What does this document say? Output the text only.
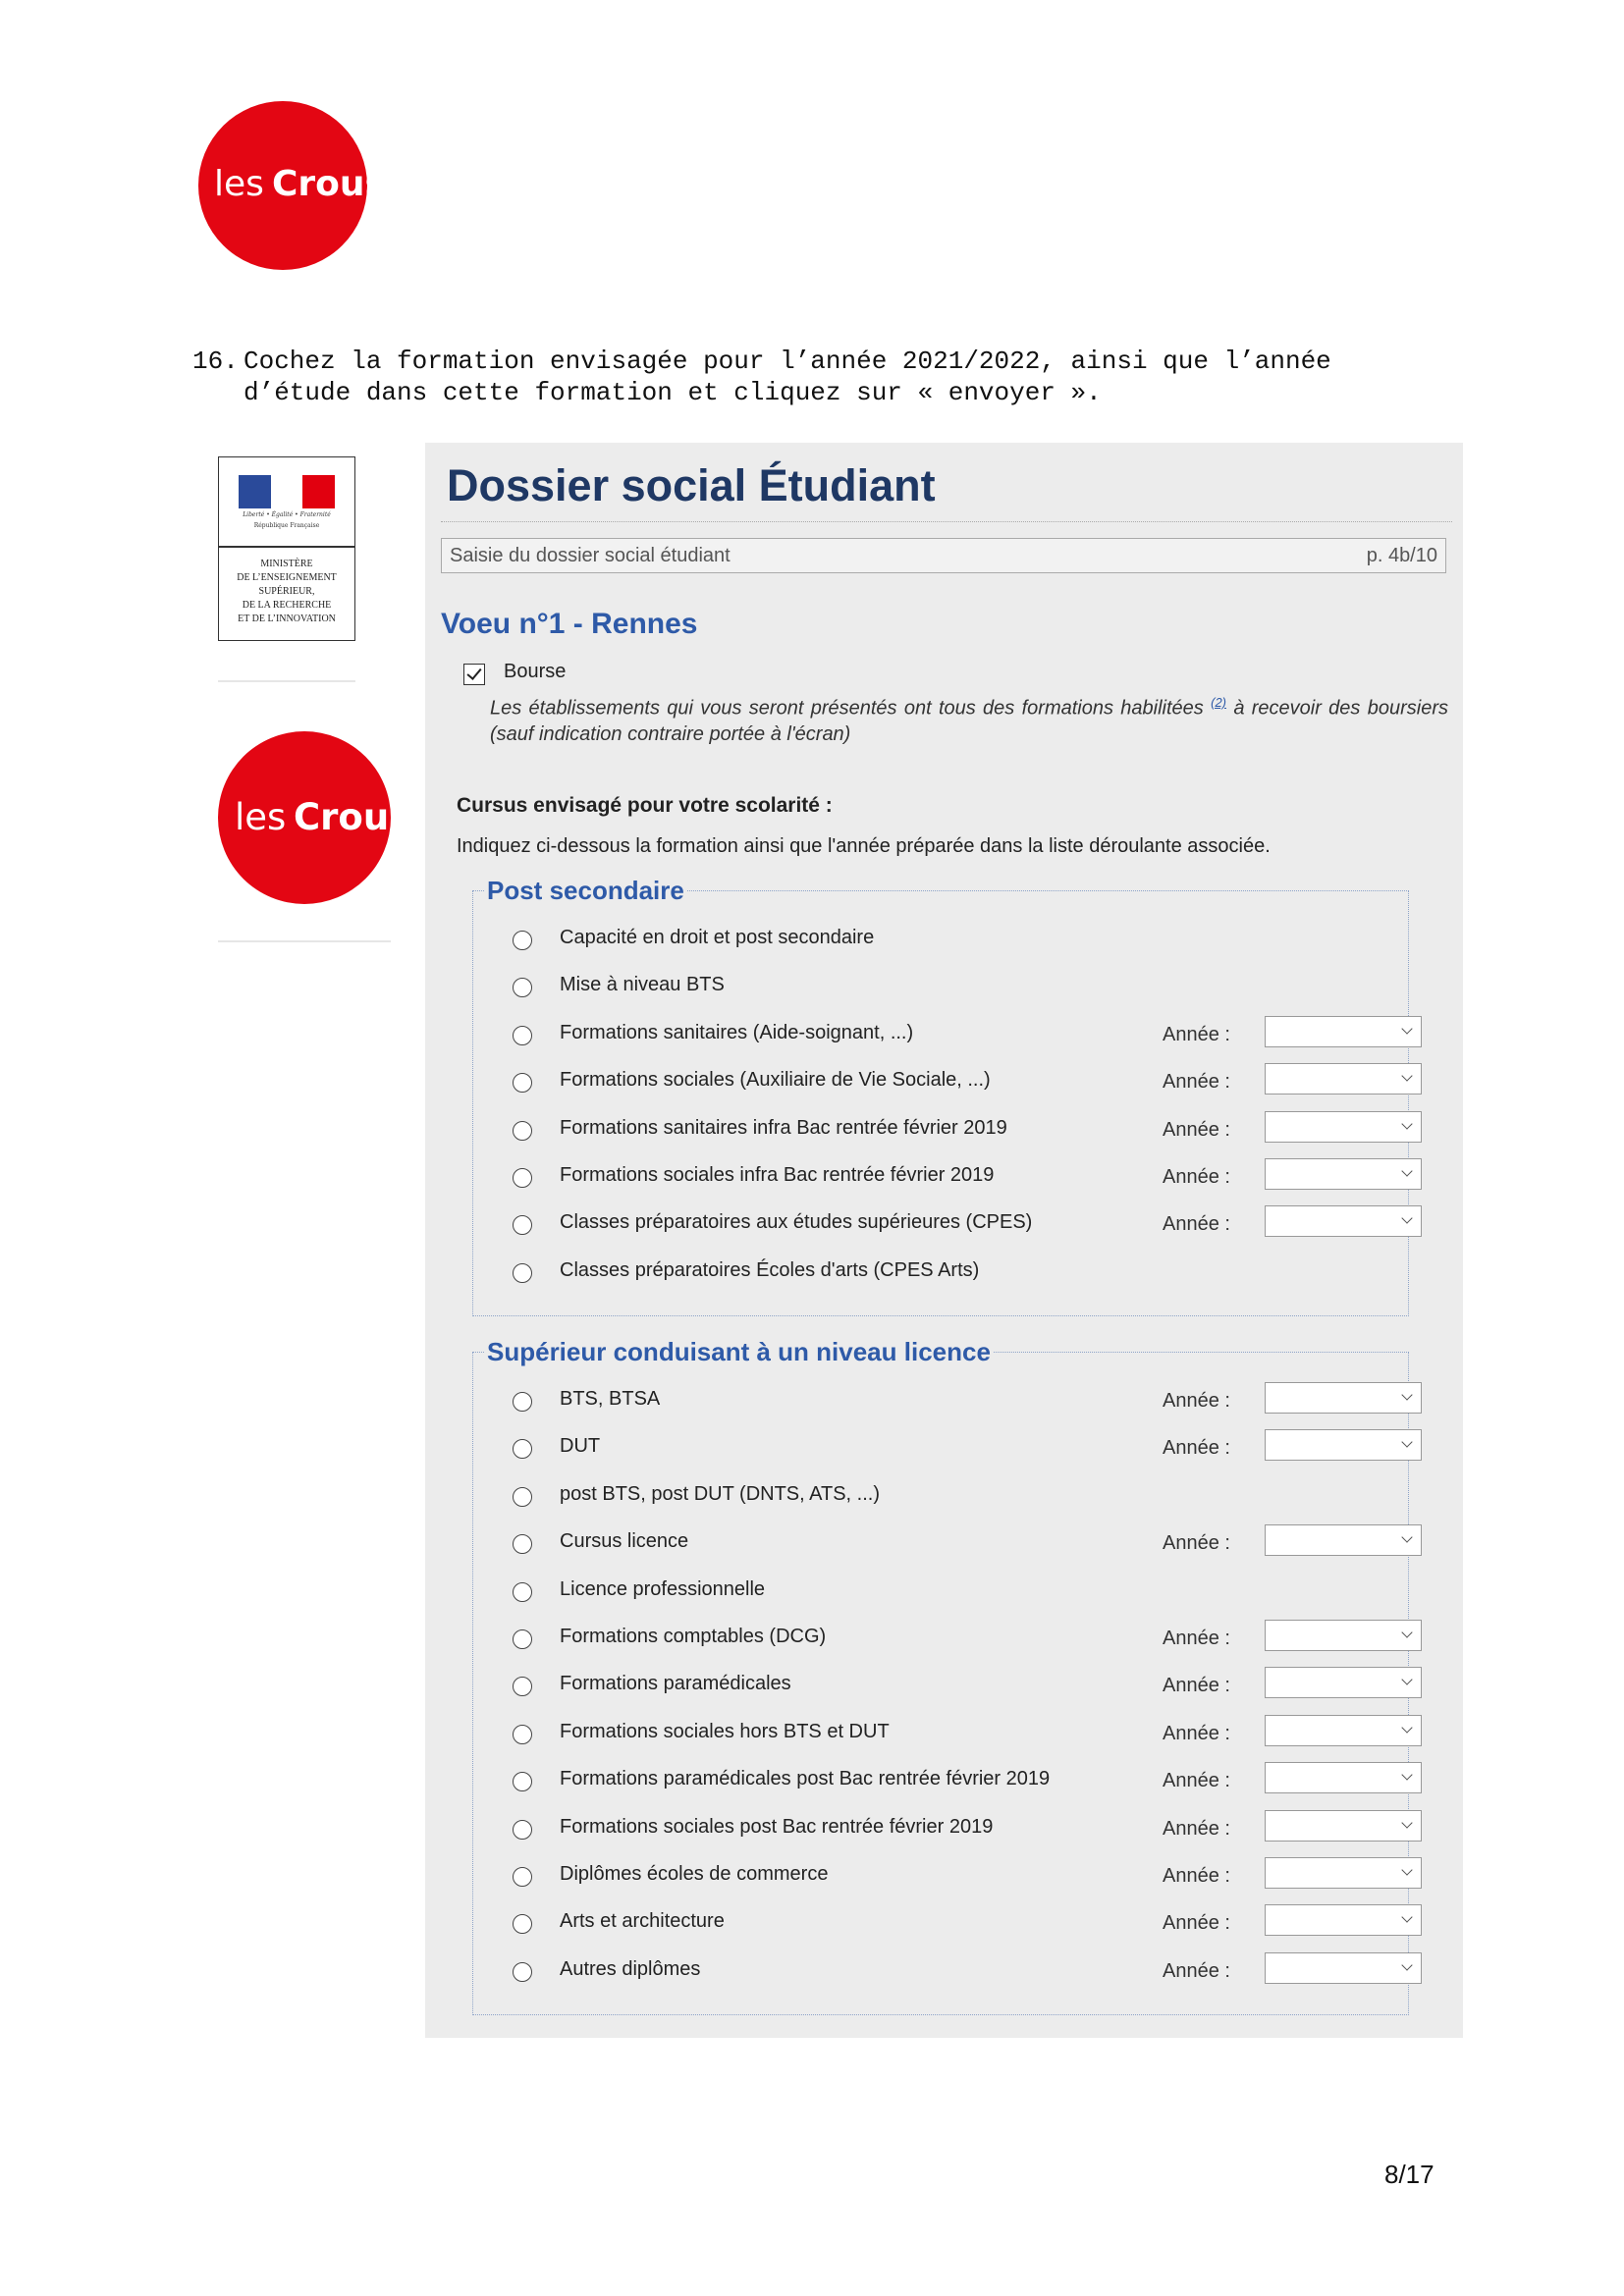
les Crous
16. Cochez la formation envisagée pour l’année 2021/2022, ainsi que l’année
d’étude dans cette formation et cliquez sur « envoyer ».
Liberté • Égalité • Fraternité
République Française
MINISTÈRE
DE L’ENSEIGNEMENT
SUPÉRIEUR,
DE LA RECHERCHE
ET DE L’INNOVATION
les Crous
Dossier social Étudiant
Saisie du dossier social étudiant	p. 4b/10
Voeu n°1 - Rennes
Bourse
Les établissements qui vous seront présentés ont tous des formations habilitées $^{(2)}$ à recevoir des boursiers (sauf indication contraire portée à l'écran)
Cursus envisagé pour votre scolarité :
Indiquez ci-dessous la formation ainsi que l'année préparée dans la liste déroulante associée.
Post secondaire
Capacité en droit et post secondaire
Mise à niveau BTS
Formations sanitaires (Aide-soignant, ...)	Année :
Formations sociales (Auxiliaire de Vie Sociale, ...)	Année :
Formations sanitaires infra Bac rentrée février 2019	Année :
Formations sociales infra Bac rentrée février 2019	Année :
Classes préparatoires aux études supérieures (CPES)	Année :
Classes préparatoires Écoles d'arts (CPES Arts)
Supérieur conduisant à un niveau licence
BTS, BTSA	Année :
DUT	Année :
post BTS, post DUT (DNTS, ATS, ...)
Cursus licence	Année :
Licence professionnelle
Formations comptables (DCG)	Année :
Formations paramédicales	Année :
Formations sociales hors BTS et DUT	Année :
Formations paramédicales post Bac rentrée février 2019	Année :
Formations sociales post Bac rentrée février 2019	Année :
Diplômes écoles de commerce	Année :
Arts et architecture	Année :
Autres diplômes	Année :
8/17
